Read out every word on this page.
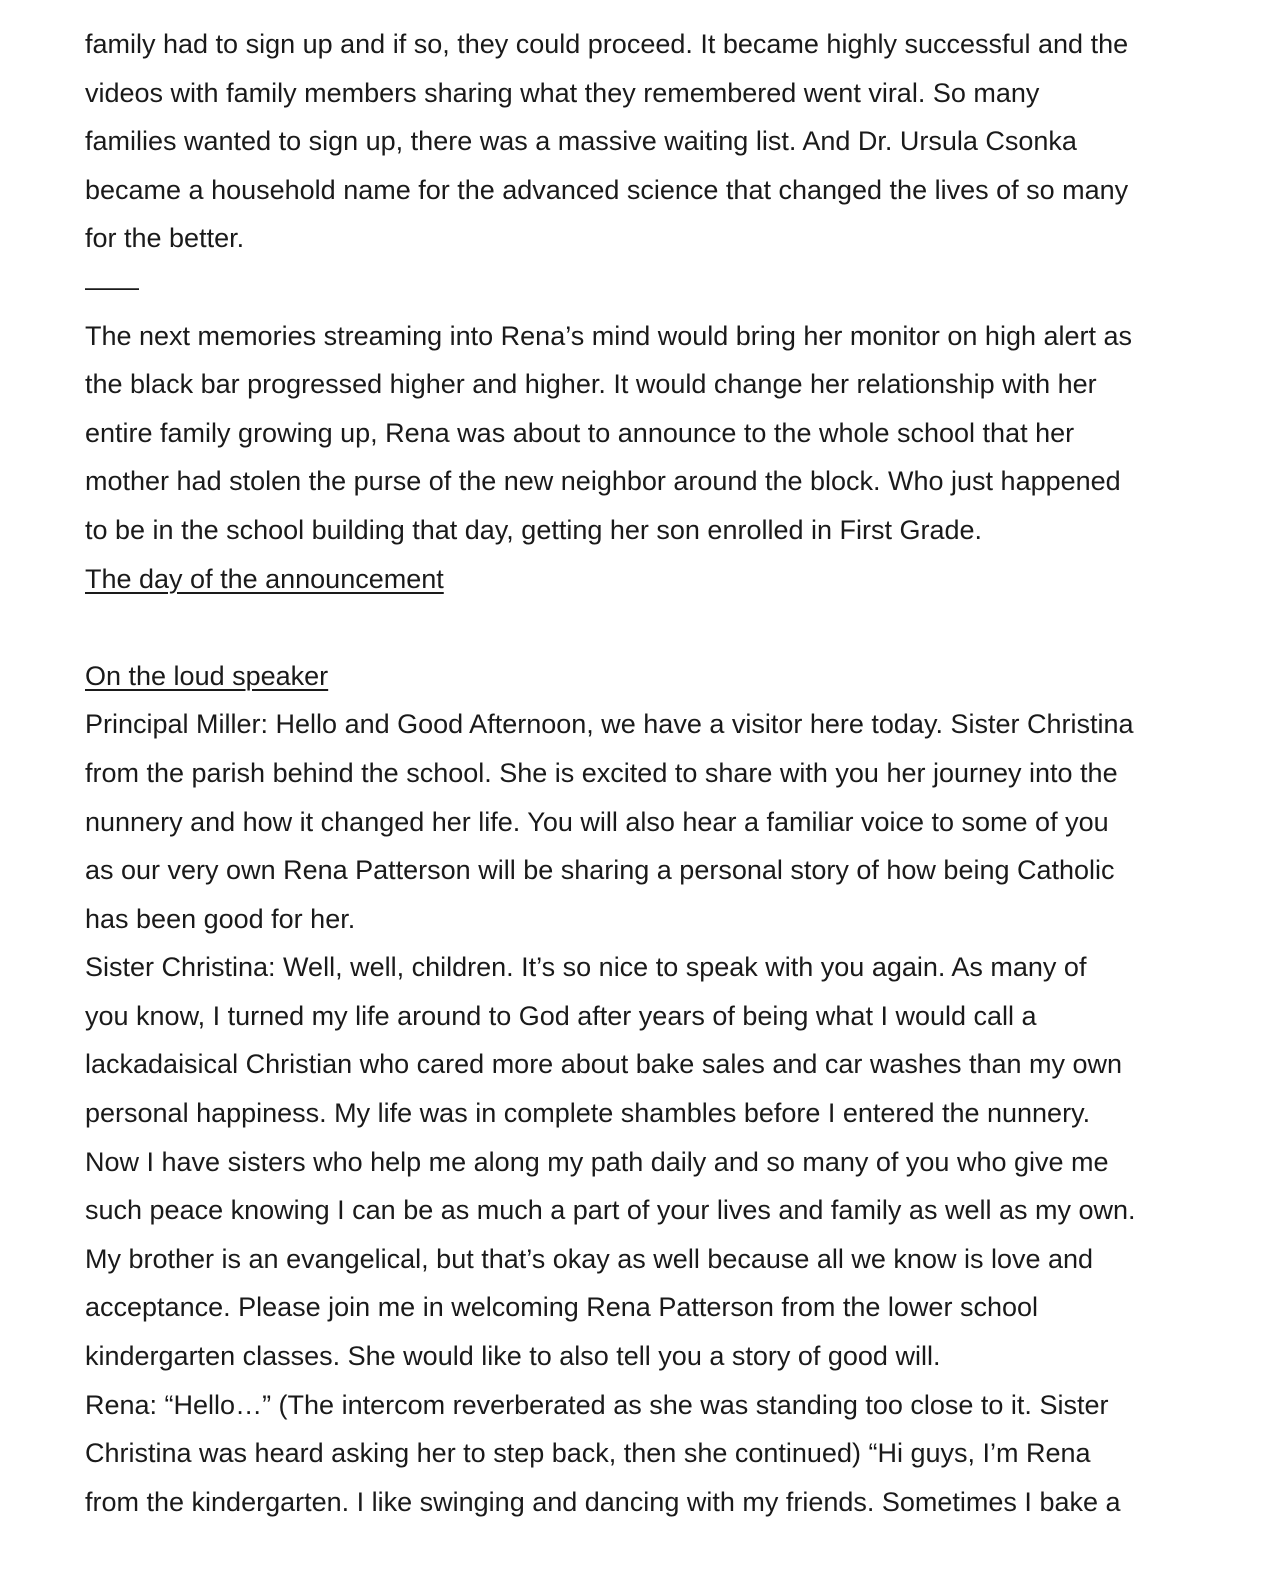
family had to sign up and if so, they could proceed. It became highly successful and the
videos with family members sharing what they remembered went viral. So many
families wanted to sign up, there was a massive waiting list. And Dr. Ursula Csonka
became a household name for the advanced science that changed the lives of so many
for the better.

——

The next memories streaming into Rena’s mind would bring her monitor on high alert as
the black bar progressed higher and higher. It would change her relationship with her
entire family growing up, Rena was about to announce to the whole school that her
mother had stolen the purse of the new neighbor around the block. Who just happened
to be in the school building that day, getting her son enrolled in First Grade.

The day of the announcement

On the loud speaker

Principal Miller: Hello and Good Afternoon, we have a visitor here today. Sister Christina
from the parish behind the school. She is excited to share with you her journey into the
nunnery and how it changed her life. You will also hear a familiar voice to some of you
as our very own Rena Patterson will be sharing a personal story of how being Catholic
has been good for her.

Sister Christina: Well, well, children. It’s so nice to speak with you again. As many of
you know, I turned my life around to God after years of being what I would call a
lackadaisical Christian who cared more about bake sales and car washes than my own
personal happiness. My life was in complete shambles before I entered the nunnery.
Now I have sisters who help me along my path daily and so many of you who give me
such peace knowing I can be as much a part of your lives and family as well as my own.
My brother is an evangelical, but that’s okay as well because all we know is love and
acceptance. Please join me in welcoming Rena Patterson from the lower school
kindergarten classes. She would like to also tell you a story of good will.

Rena: “Hello…” (The intercom reverberated as she was standing too close to it. Sister
Christina was heard asking her to step back, then she continued) “Hi guys, I’m Rena
from the kindergarten. I like swinging and dancing with my friends. Sometimes I bake a
